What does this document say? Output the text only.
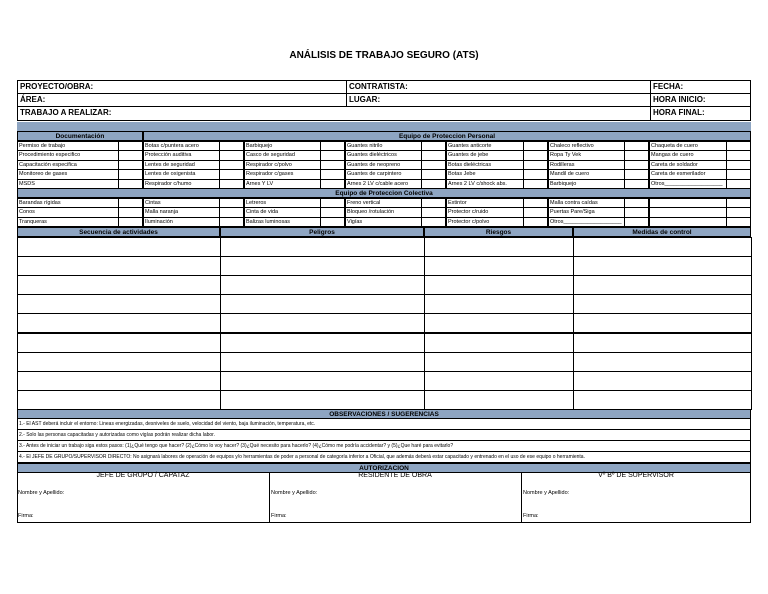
ANÁLISIS DE TRABAJO SEGURO (ATS)
PROYECTO/OBRA:	CONTRATISTA:	FECHA:
ÁREA:	LUGAR:	HORA INICIO:
TRABAJO A REALIZAR:	HORA FINAL:
Documentación	Equipo de Proteccion Personal
Permiso de trabajo	Botas c/puntera acero	Barbiquejo	Guantes nitrilo	Guantes anticorte	Chaleco reflectivo	Chaqueta de cuero
Procedimiento especifico	Protección auditiva	Casco de seguridad	Guantes dieléctricos	Guantes de jebe	Ropa Ty Vek	Mangas de cuero
Capacitación especifica	Lentes de seguridad	Respirador c/polvo	Guantes de neopreno	Botas dieléctricas	Rodilleras	Careta de soldador
Monitoreo de gases	Lentes de oxigenista	Respirador c/gases	Guantes de carpintero	Botas Jebe	Mandil de cuero	Careta de esmerilador
MSDS	Respirador c/humo	Arnes Y LV	Arnes 2 LV c/cable acero	Arnes 2 LV c/shock abs.	Barbiquejo	Otros___________________
Equipo de Proteccion Colectiva
Barandas rígidas	Cintas	Letreros	Freno vertical	Extintor	Malla contra caídas
Conos	Malla naranja	Cinta de vida	Bloqueo /rotulación	Protector c/ruido	Puertas Pare/Siga
Tranqueras	Iluminación	Balizas luminosas	Vigías	Protector c/polvo	Otros___________________
Secuencia de actividades	Peligros	Riesgos	Medidas de control
OBSERVACIONES / SUGERENCIAS
1.- El AST deberá incluir el entorno: Lineas energizadas, desniveles de suelo, velocidad del viento, baja iluminación, temperatura, etc.
2.- Solo las personas capacitadas y autorizadas como vigías podrán realizar dicha labor.
3.- Antes de iniciar un trabajo siga estos pasos: (1)¿Qué tengo que hacer? (2)¿Cómo lo voy hacer? (3)¿Qué necesito para hacerlo? (4)¿Cómo me podría accidentar? y (5)¿Que haré para evitarlo?
4.- El JEFE DE GRUPO/SUPERVISOR DIRECTO: No asignará labores de operación de equipos y/o herramientas de poder a personal de categoría inferior a Oficial, que además deberá estar capacitado y entrenado en el uso de ese equipo o herramienta.
AUTORIZACION
JEFE DE GRUPO / CAPATAZ	RESIDENTE DE OBRA	Vº Bº DE SUPERVISOR
Nombre y Apellido:	Nombre y Apellido:	Nombre y Apellido:
Firma:	Firma:	Firma:
